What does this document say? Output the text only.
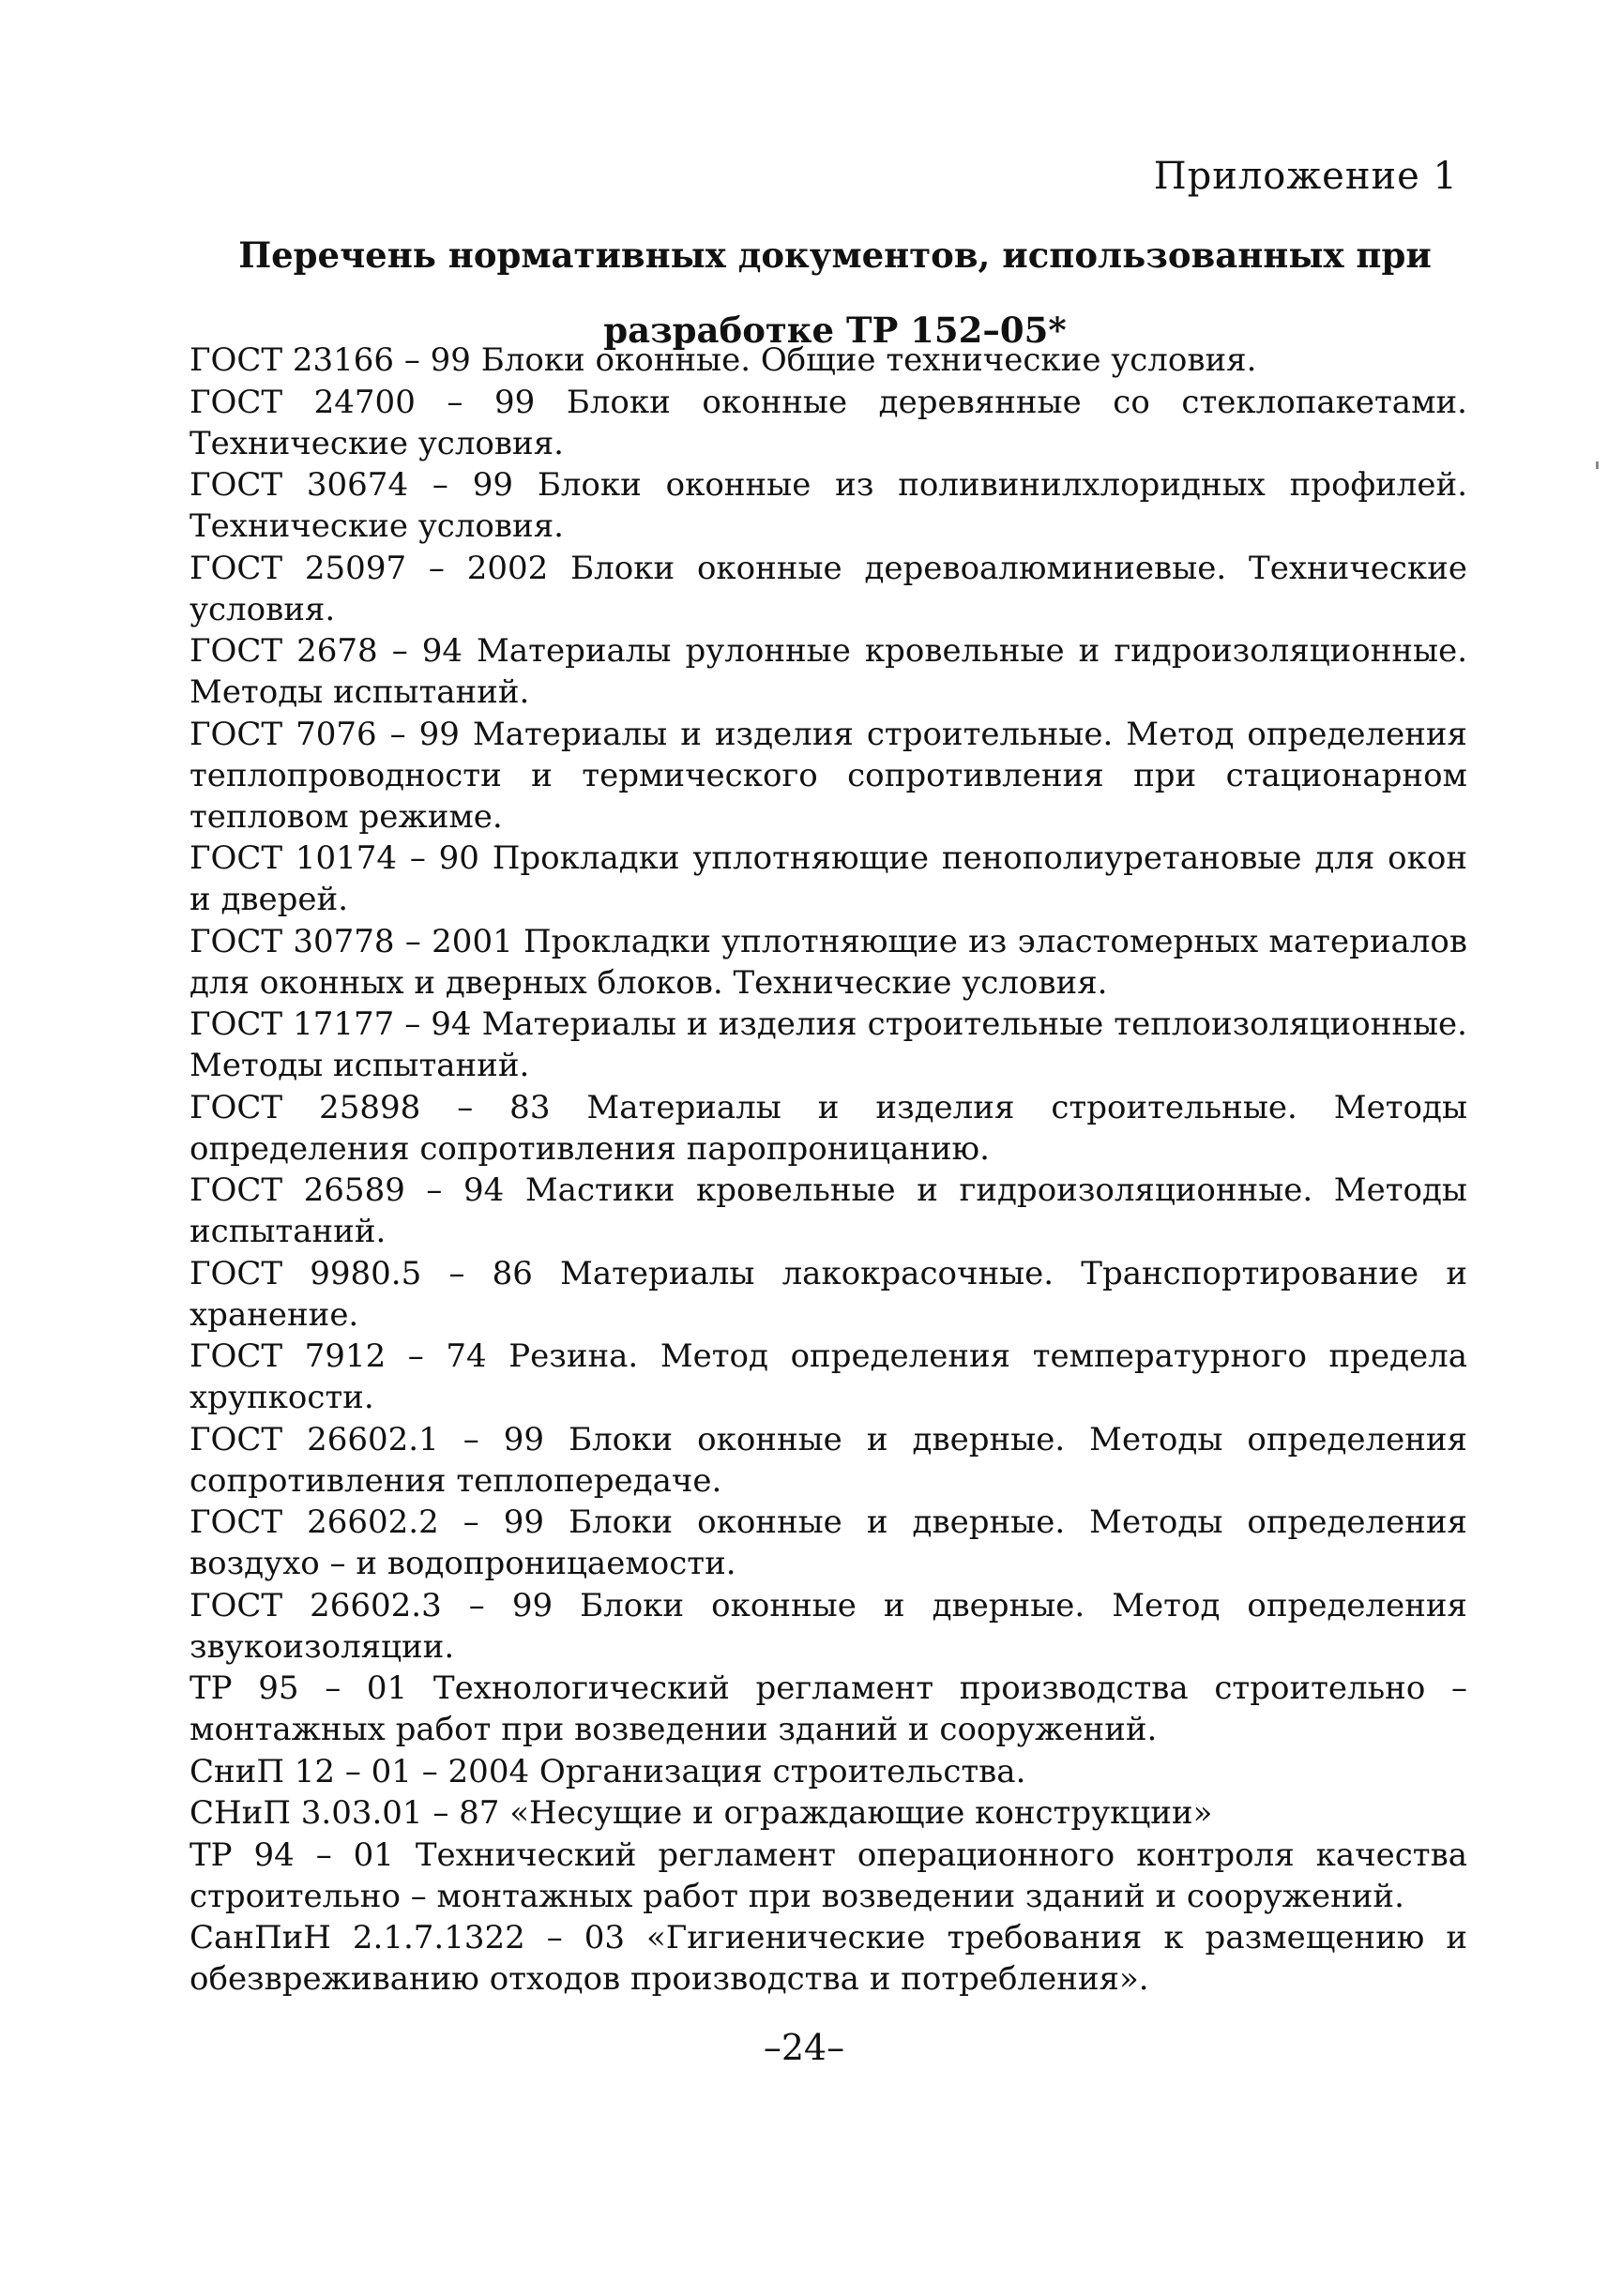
Приложение 1
Перечень нормативных документов, использованных при разработке ТР 152–05*
ГОСТ 23166 – 99 Блоки оконные. Общие технические условия.
ГОСТ 24700 – 99 Блоки оконные деревянные со стеклопакетами. Технические условия.
ГОСТ 30674 – 99 Блоки оконные из поливинилхлоридных профилей. Технические условия.
ГОСТ 25097 – 2002 Блоки оконные деревоалюминиевые. Технические условия.
ГОСТ 2678 – 94 Материалы рулонные кровельные и гидроизоляционные. Методы испытаний.
ГОСТ 7076 – 99 Материалы и изделия строительные. Метод определения теплопроводности и термического сопротивления при стационарном тепловом режиме.
ГОСТ 10174 – 90 Прокладки уплотняющие пенополиуретановые для окон и дверей.
ГОСТ 30778 – 2001 Прокладки уплотняющие из эластомерных материалов для оконных и дверных блоков. Технические условия.
ГОСТ 17177 – 94 Материалы и изделия строительные теплоизоляционные. Методы испытаний.
ГОСТ 25898 – 83 Материалы и изделия строительные. Методы определения сопротивления паропроницанию.
ГОСТ 26589 – 94 Мастики кровельные и гидроизоляционные. Методы испытаний.
ГОСТ 9980.5 – 86 Материалы лакокрасочные. Транспортирование и хранение.
ГОСТ 7912 – 74 Резина. Метод определения температурного предела хрупкости.
ГОСТ 26602.1 – 99 Блоки оконные и дверные. Методы определения сопротивления теплопередаче.
ГОСТ 26602.2 – 99 Блоки оконные и дверные. Методы определения воздухо – и водопроницаемости.
ГОСТ 26602.3 – 99 Блоки оконные и дверные. Метод определения звукоизоляции.
ТР 95 – 01 Технологический регламент производства строительно – монтажных работ при возведении зданий и сооружений.
СниП 12 – 01 – 2004 Организация строительства.
СНиП 3.03.01 – 87 «Несущие и ограждающие конструкции»
ТР 94 – 01 Технический регламент операционного контроля качества строительно – монтажных работ при возведении зданий и сооружений.
СанПиН 2.1.7.1322 – 03 «Гигиенические требования к размещению и обезвреживанию отходов производства и потребления».
–24–
